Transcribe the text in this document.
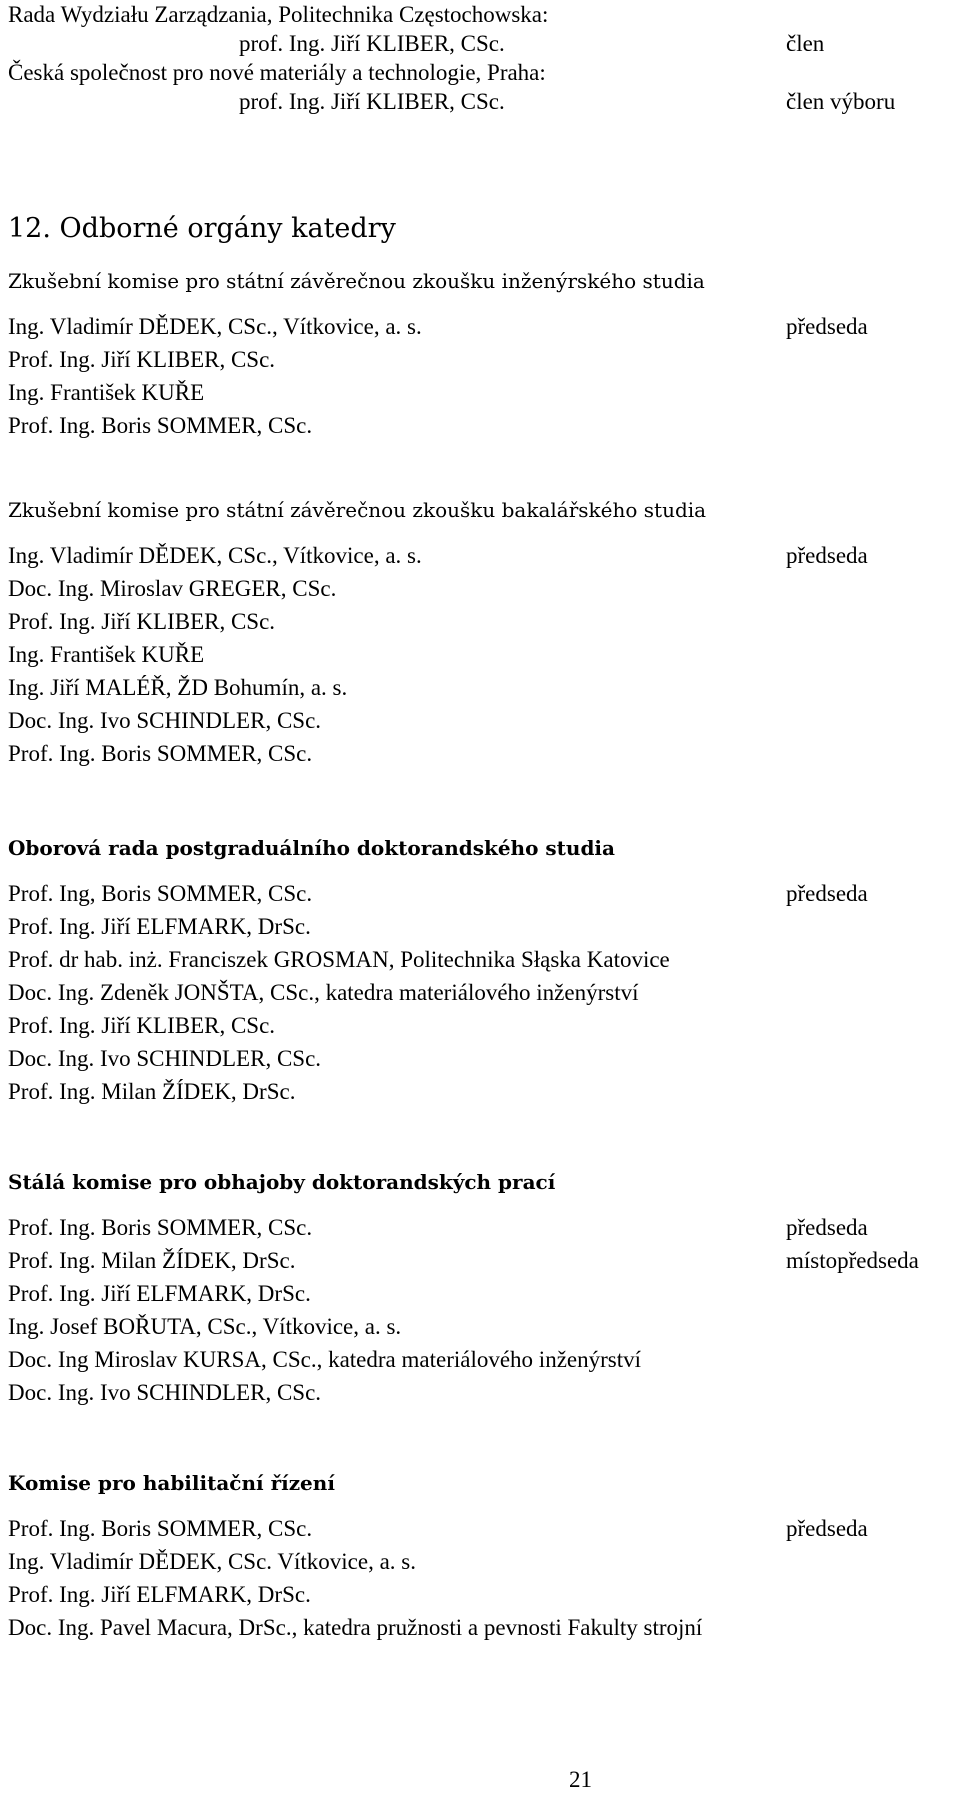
Rada Wydziału Zarządzania, Politechnika Częstochowska:
prof. Ing. Jiří KLIBER, CSc.	člen
Česká společnost pro nové materiály a technologie, Praha:
prof. Ing. Jiří KLIBER, CSc.	člen výboru
12. Odborné orgány katedry
Zkušební komise pro státní závěrečnou zkoušku inženýrského studia
Ing. Vladimír DĚDEK, CSc., Vítkovice, a. s.	předseda
Prof. Ing. Jiří KLIBER, CSc.
Ing. František KUŘE
Prof. Ing. Boris SOMMER, CSc.
Zkušební komise pro státní závěrečnou zkoušku bakalářského studia
Ing. Vladimír DĚDEK, CSc., Vítkovice, a. s.	předseda
Doc. Ing. Miroslav GREGER, CSc.
Prof. Ing. Jiří KLIBER, CSc.
Ing. František KUŘE
Ing. Jiří MALÉŘ, ŽD Bohumín, a. s.
Doc. Ing. Ivo SCHINDLER, CSc.
Prof. Ing. Boris SOMMER, CSc.
Oborová rada postgraduálního doktorandského studia
Prof. Ing, Boris SOMMER, CSc.	předseda
Prof. Ing. Jiří ELFMARK, DrSc.
Prof. dr hab. inż. Franciszek GROSMAN, Politechnika Słąska Katovice
Doc. Ing. Zdeněk JONŠTA, CSc., katedra materiálového inženýrství
Prof. Ing. Jiří KLIBER, CSc.
Doc. Ing. Ivo SCHINDLER, CSc.
Prof. Ing. Milan ŽÍDEK, DrSc.
Stálá komise pro obhajoby doktorandských prací
Prof. Ing. Boris SOMMER, CSc.	předseda
Prof. Ing. Milan ŽÍDEK, DrSc.	místopředseda
Prof. Ing. Jiří ELFMARK, DrSc.
Ing. Josef BOŘUTA, CSc., Vítkovice, a. s.
Doc. Ing Miroslav KURSA, CSc., katedra materiálového inženýrství
Doc. Ing. Ivo SCHINDLER, CSc.
Komise pro habilitační řízení
Prof. Ing. Boris SOMMER, CSc.	předseda
Ing. Vladimír DĚDEK, CSc. Vítkovice, a. s.
Prof. Ing. Jiří ELFMARK, DrSc.
Doc. Ing. Pavel Macura, DrSc., katedra pružnosti a pevnosti Fakulty strojní
21
